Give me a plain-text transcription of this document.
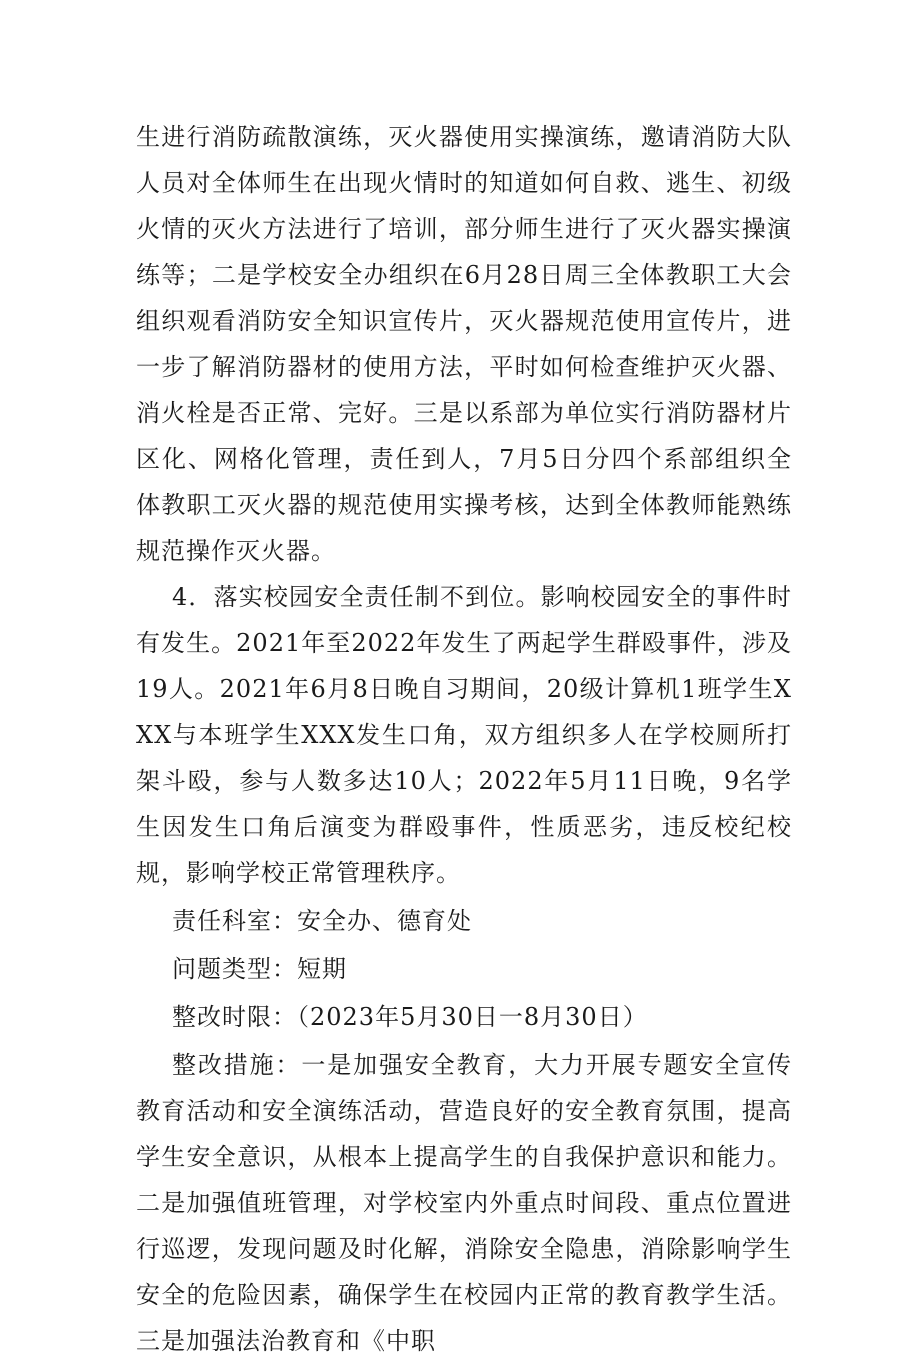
生进行消防疏散演练，灭火器使用实操演练，邀请消防大队人员对全体师生在出现火情时的知道如何自救、逃生、初级火情的灭火方法进行了培训，部分师生进行了灭火器实操演练等；二是学校安全办组织在6月28日周三全体教职工大会组织观看消防安全知识宣传片，灭火器规范使用宣传片，进一步了解消防器材的使用方法，平时如何检查维护灭火器、消火栓是否正常、完好。三是以系部为单位实行消防器材片区化、网格化管理，责任到人，7月5日分四个系部组织全体教职工灭火器的规范使用实操考核，达到全体教师能熟练规范操作灭火器。

4．落实校园安全责任制不到位。影响校园安全的事件时有发生。2021年至2022年发生了两起学生群殴事件，涉及19人。2021年6月8日晚自习期间，20级计算机1班学生XXX与本班学生XXX发生口角，双方组织多人在学校厕所打架斗殴，参与人数多达10人；2022年5月11日晚，9名学生因发生口角后演变为群殴事件，性质恶劣，违反校纪校规，影响学校正常管理秩序。

责任科室：安全办、德育处

问题类型：短期

整改时限：（2023年5月30日一8月30日）

整改措施：一是加强安全教育，大力开展专题安全宣传教育活动和安全演练活动，营造良好的安全教育氛围，提高学生安全意识，从根本上提高学生的自我保护意识和能力。二是加强值班管理，对学校室内外重点时间段、重点位置进行巡逻，发现问题及时化解，消除安全隐患，消除影响学生安全的危险因素，确保学生在校园内正常的教育教学生活。三是加强法治教育和《中职
